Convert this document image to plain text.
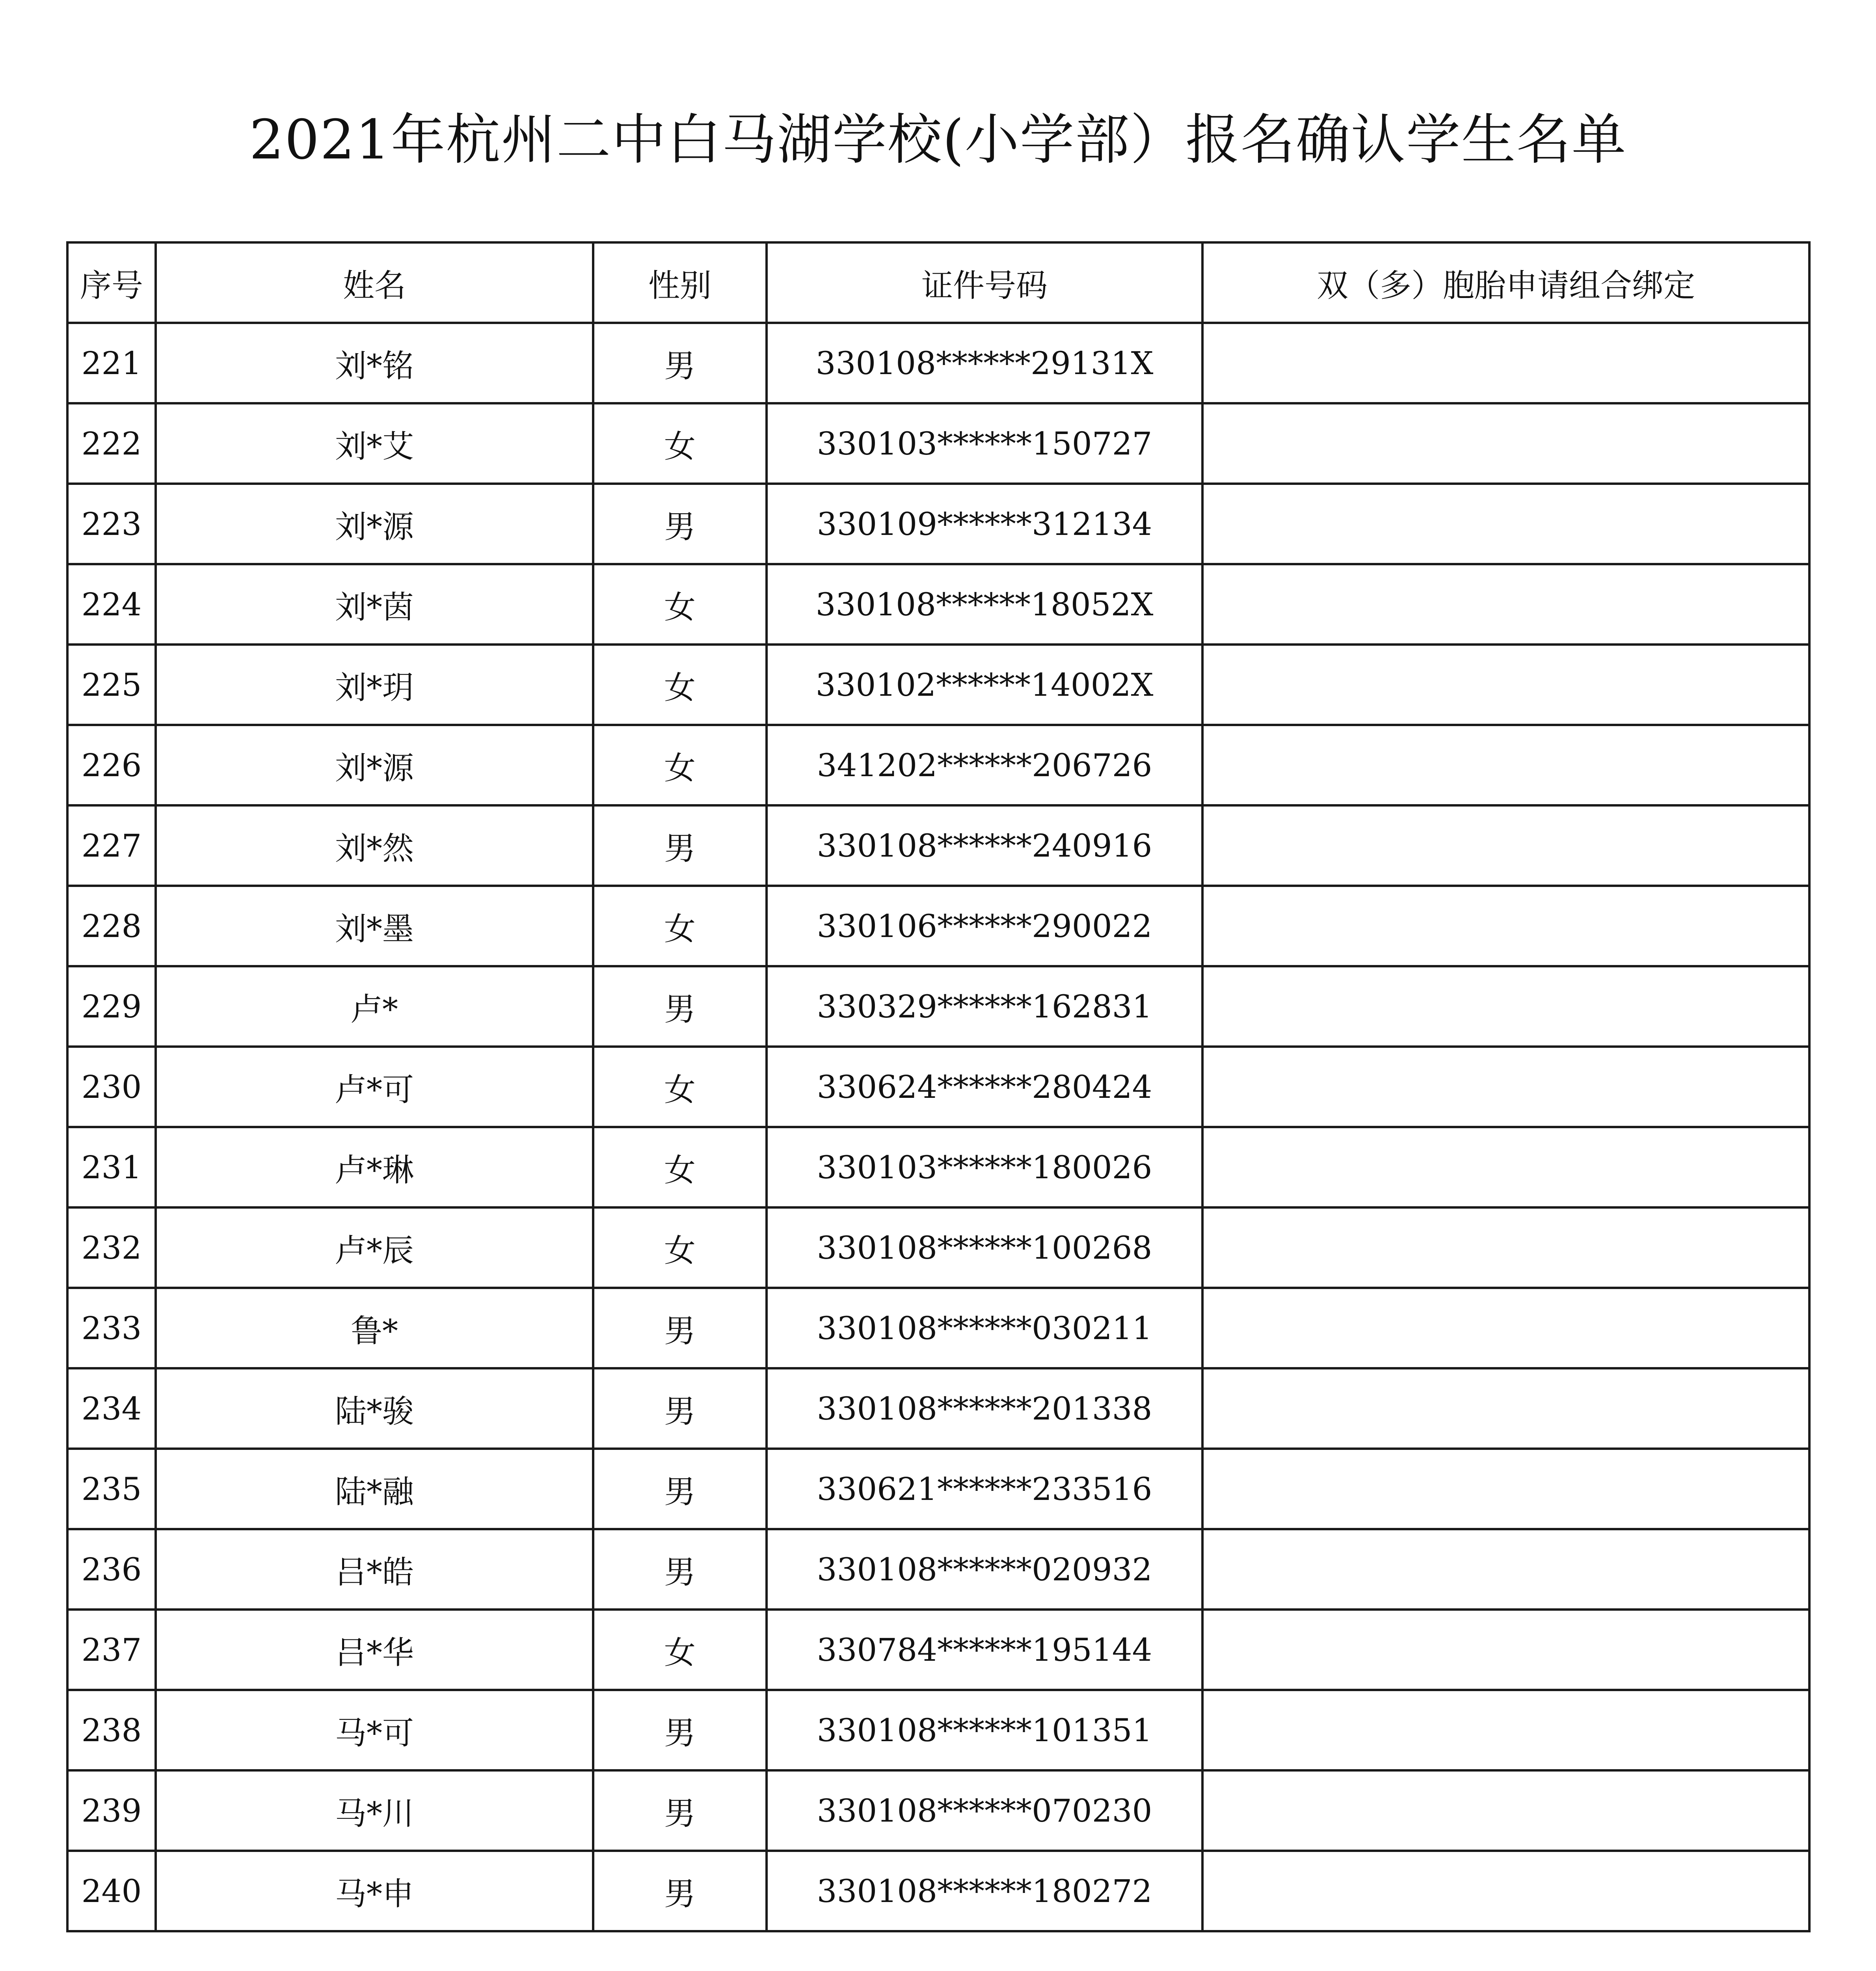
2021年杭州二中白马湖学校(小学部）报名确认学生名单
序号	姓名	性别	证件号码	双（多）胞胎申请组合绑定
221	刘*铭	男	330108******29131X	
222	刘*艾	女	330103******150727	
223	刘*源	男	330109******312134	
224	刘*茵	女	330108******18052X	
225	刘*玥	女	330102******14002X	
226	刘*源	女	341202******206726	
227	刘*然	男	330108******240916	
228	刘*墨	女	330106******290022	
229	卢*	男	330329******162831	
230	卢*可	女	330624******280424	
231	卢*琳	女	330103******180026	
232	卢*辰	女	330108******100268	
233	鲁*	男	330108******030211	
234	陆*骏	男	330108******201338	
235	陆*融	男	330621******233516	
236	吕*皓	男	330108******020932	
237	吕*华	女	330784******195144	
238	马*可	男	330108******101351	
239	马*川	男	330108******070230	
240	马*申	男	330108******180272	
